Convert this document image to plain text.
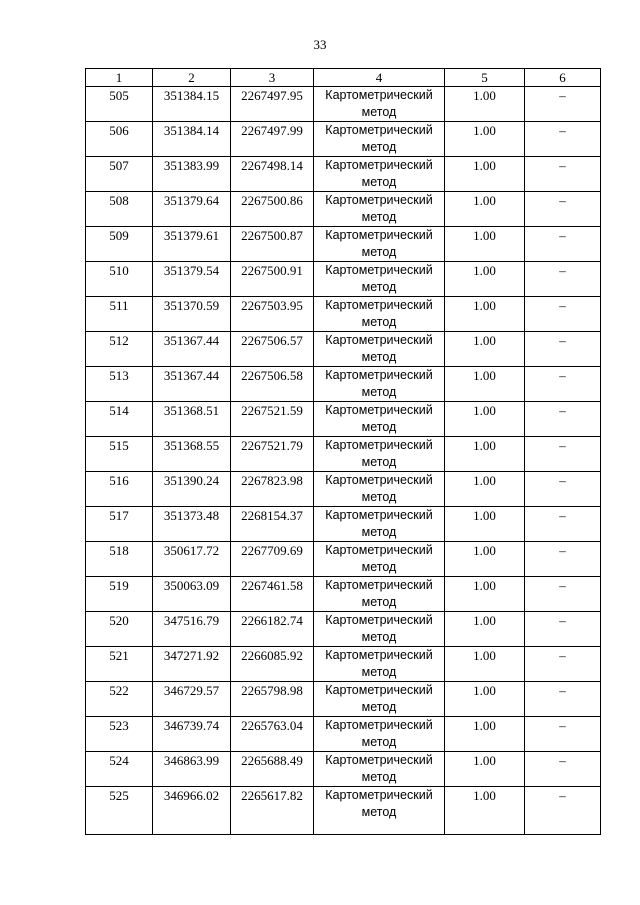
33
1	2	3	4	5	6
505	351384.15	2267497.95	Картометрический метод	1.00	–
506	351384.14	2267497.99	Картометрический метод	1.00	–
507	351383.99	2267498.14	Картометрический метод	1.00	–
508	351379.64	2267500.86	Картометрический метод	1.00	–
509	351379.61	2267500.87	Картометрический метод	1.00	–
510	351379.54	2267500.91	Картометрический метод	1.00	–
511	351370.59	2267503.95	Картометрический метод	1.00	–
512	351367.44	2267506.57	Картометрический метод	1.00	–
513	351367.44	2267506.58	Картометрический метод	1.00	–
514	351368.51	2267521.59	Картометрический метод	1.00	–
515	351368.55	2267521.79	Картометрический метод	1.00	–
516	351390.24	2267823.98	Картометрический метод	1.00	–
517	351373.48	2268154.37	Картометрический метод	1.00	–
518	350617.72	2267709.69	Картометрический метод	1.00	–
519	350063.09	2267461.58	Картометрический метод	1.00	–
520	347516.79	2266182.74	Картометрический метод	1.00	–
521	347271.92	2266085.92	Картометрический метод	1.00	–
522	346729.57	2265798.98	Картометрический метод	1.00	–
523	346739.74	2265763.04	Картометрический метод	1.00	–
524	346863.99	2265688.49	Картометрический метод	1.00	–
525	346966.02	2265617.82	Картометрический метод	1.00	–
